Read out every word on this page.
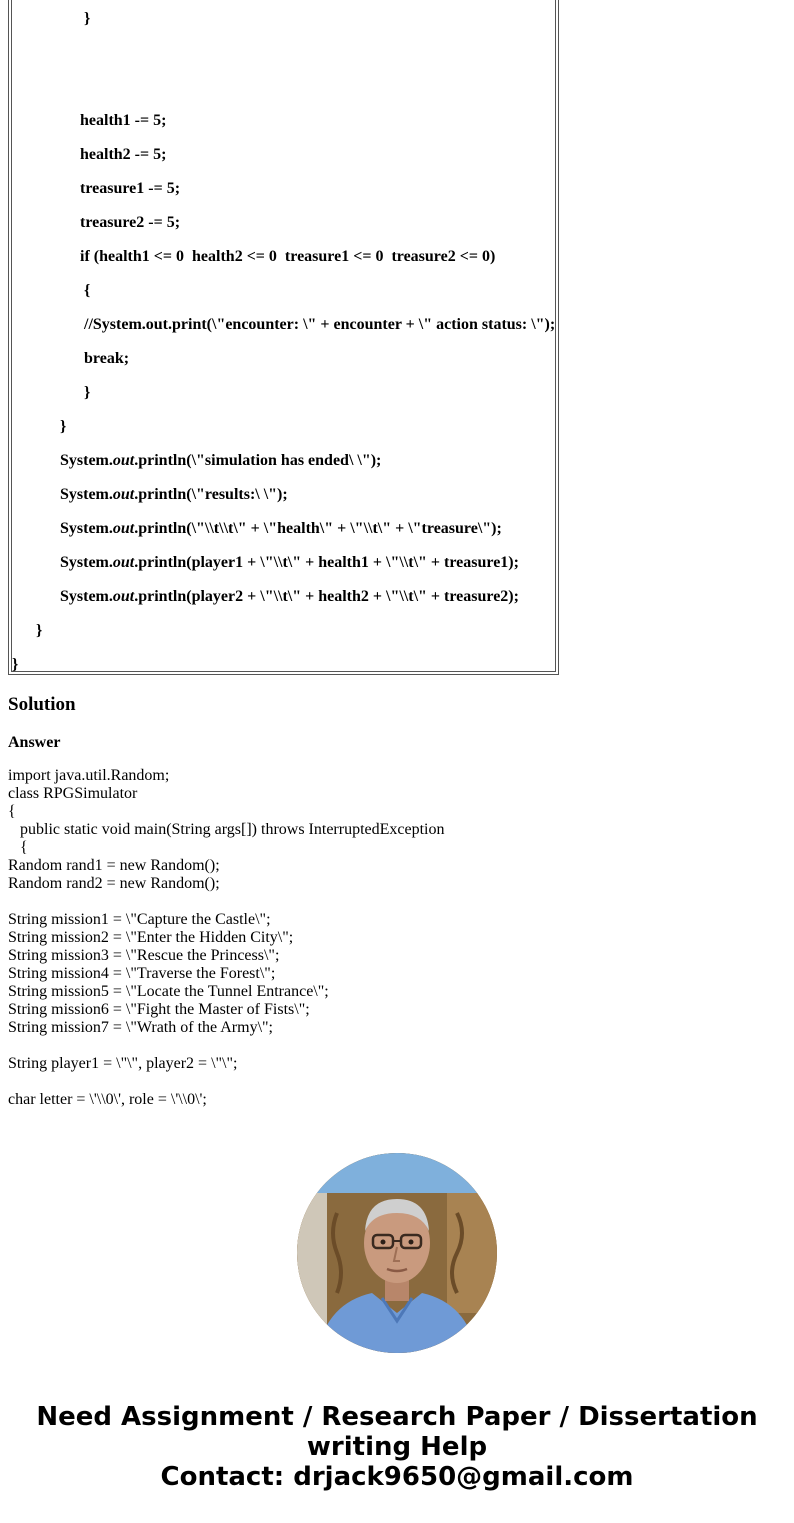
}
health1 -= 5;
health2 -= 5;
treasure1 -= 5;
treasure2 -= 5;
if (health1 <= 0  health2 <= 0  treasure1 <= 0  treasure2 <= 0)
{
//System.out.print(\"encounter: \" + encounter + \" action status: \");
break;
}
}
System.out.println(\"simulation has ended\ \");
System.out.println(\"results:\ \");
System.out.println(\"\\t\\t\" + \"health\" + \"\\t\" + \"treasure\");
System.out.println(player1 + \"\\t\" + health1 + \"\\t\" + treasure1);
System.out.println(player2 + \"\\t\" + health2 + \"\\t\" + treasure2);
}
}
Solution

Answer

import java.util.Random;
class RPGSimulator
{
public static void main(String args[]) throws InterruptedException
{
Random rand1 = new Random();
Random rand2 = new Random();

String mission1 = \"Capture the Castle\";
String mission2 = \"Enter the Hidden City\";
String mission3 = \"Rescue the Princess\";
String mission4 = \"Traverse the Forest\";
String mission5 = \"Locate the Tunnel Entrance\";
String mission6 = \"Fight the Master of Fists\";
String mission7 = \"Wrath of the Army\";

String player1 = \"\", player2 = \"\";

char letter = \'\\0\', role = \'\\0\';
Need Assignment / Research Paper / Dissertation
writing Help
Contact: drjack9650@gmail.com
